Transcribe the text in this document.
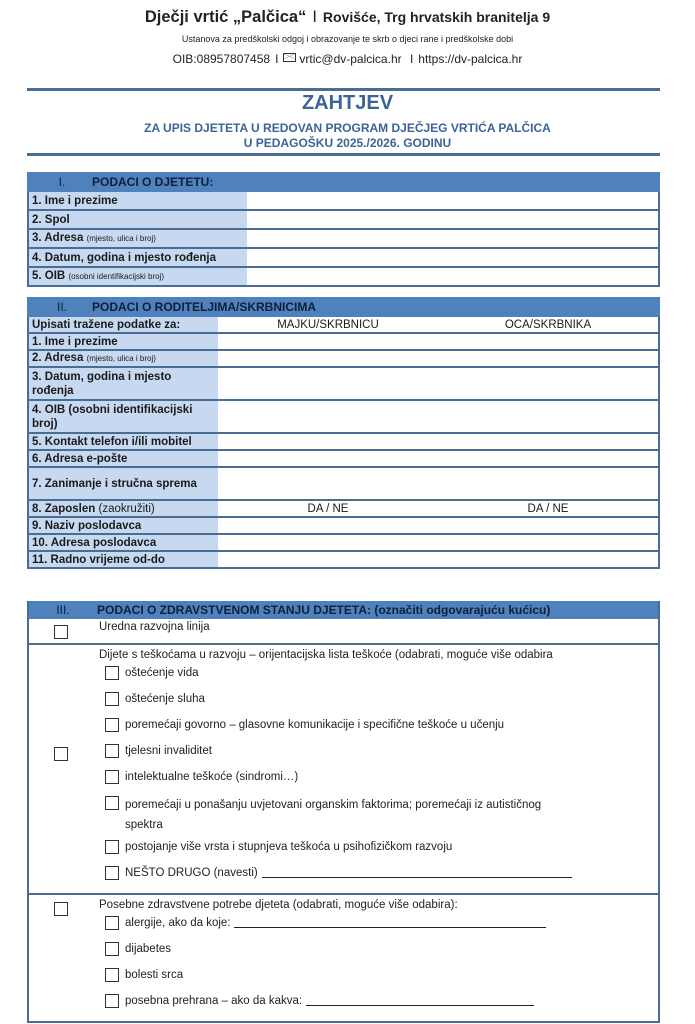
Dječji vrtić „Palčica“ I Rovišće, Trg hrvatskih branitelja 9
Ustanova za predškolski odgoj i obrazovanje te skrb o djeci rane i predškolske dobi
OIB:08957807458 I vrtic@dv-palcica.hr I https://dv-palcica.hr
ZAHTJEV
ZA UPIS DJETETA U REDOVAN PROGRAM DJEČJEG VRTIĆA PALČICA
U PEDAGOŠKU 2025./2026. GODINU
I. PODACI O DJETETU:	
1. Ime i prezime	
2. Spol	
3. Adresa (mjesto, ulica i broj)	
4. Datum, godina i mjesto rođenja	
5. OIB (osobni identifikacijski broj)	
II. PODACI O RODITELJIMA/SKRBNICIMA		
Upisati tražene podatke za:	MAJKU/SKRBNICU	OCA/SKRBNIKA
1. Ime i prezime		
2. Adresa (mjesto, ulica i broj)		
3. Datum, godina i mjesto rođenja		
4. OIB (osobni identifikacijski broj)		
5. Kontakt telefon i/ili mobitel		
6. Adresa e-pošte		
7. Zanimanje i stručna sprema		
8. Zaposlen (zaokružiti)	DA / NE	DA / NE
9. Naziv poslodavca		
10. Adresa poslodavca		
11. Radno vrijeme od-do		
III. PODACI O ZDRAVSTVENOM STANJU DJETETA: (označiti odgovarajuću kućicu)
Uredna razvojna linija
Dijete s teškoćama u razvoju – orijentacijska lista teškoće (odabrati, moguće više odabira
oštećenje vida
oštećenje sluha
poremećaji govorno – glasovne komunikacije i specifične teškoće u učenju
tjelesni invaliditet
intelektualne teškoće (sindromi…)
poremećaji u ponašanju uvjetovani organskim faktorima; poremećaji iz autističnog spektra
postojanje više vrsta i stupnjeva teškoća u psihofizičkom razvoju
NEŠTO DRUGO (navesti)
Posebne zdravstvene potrebe djeteta (odabrati, moguće više odabira):
alergije, ako da koje:
dijabetes
bolesti srca
posebna prehrana – ako da kakva:
